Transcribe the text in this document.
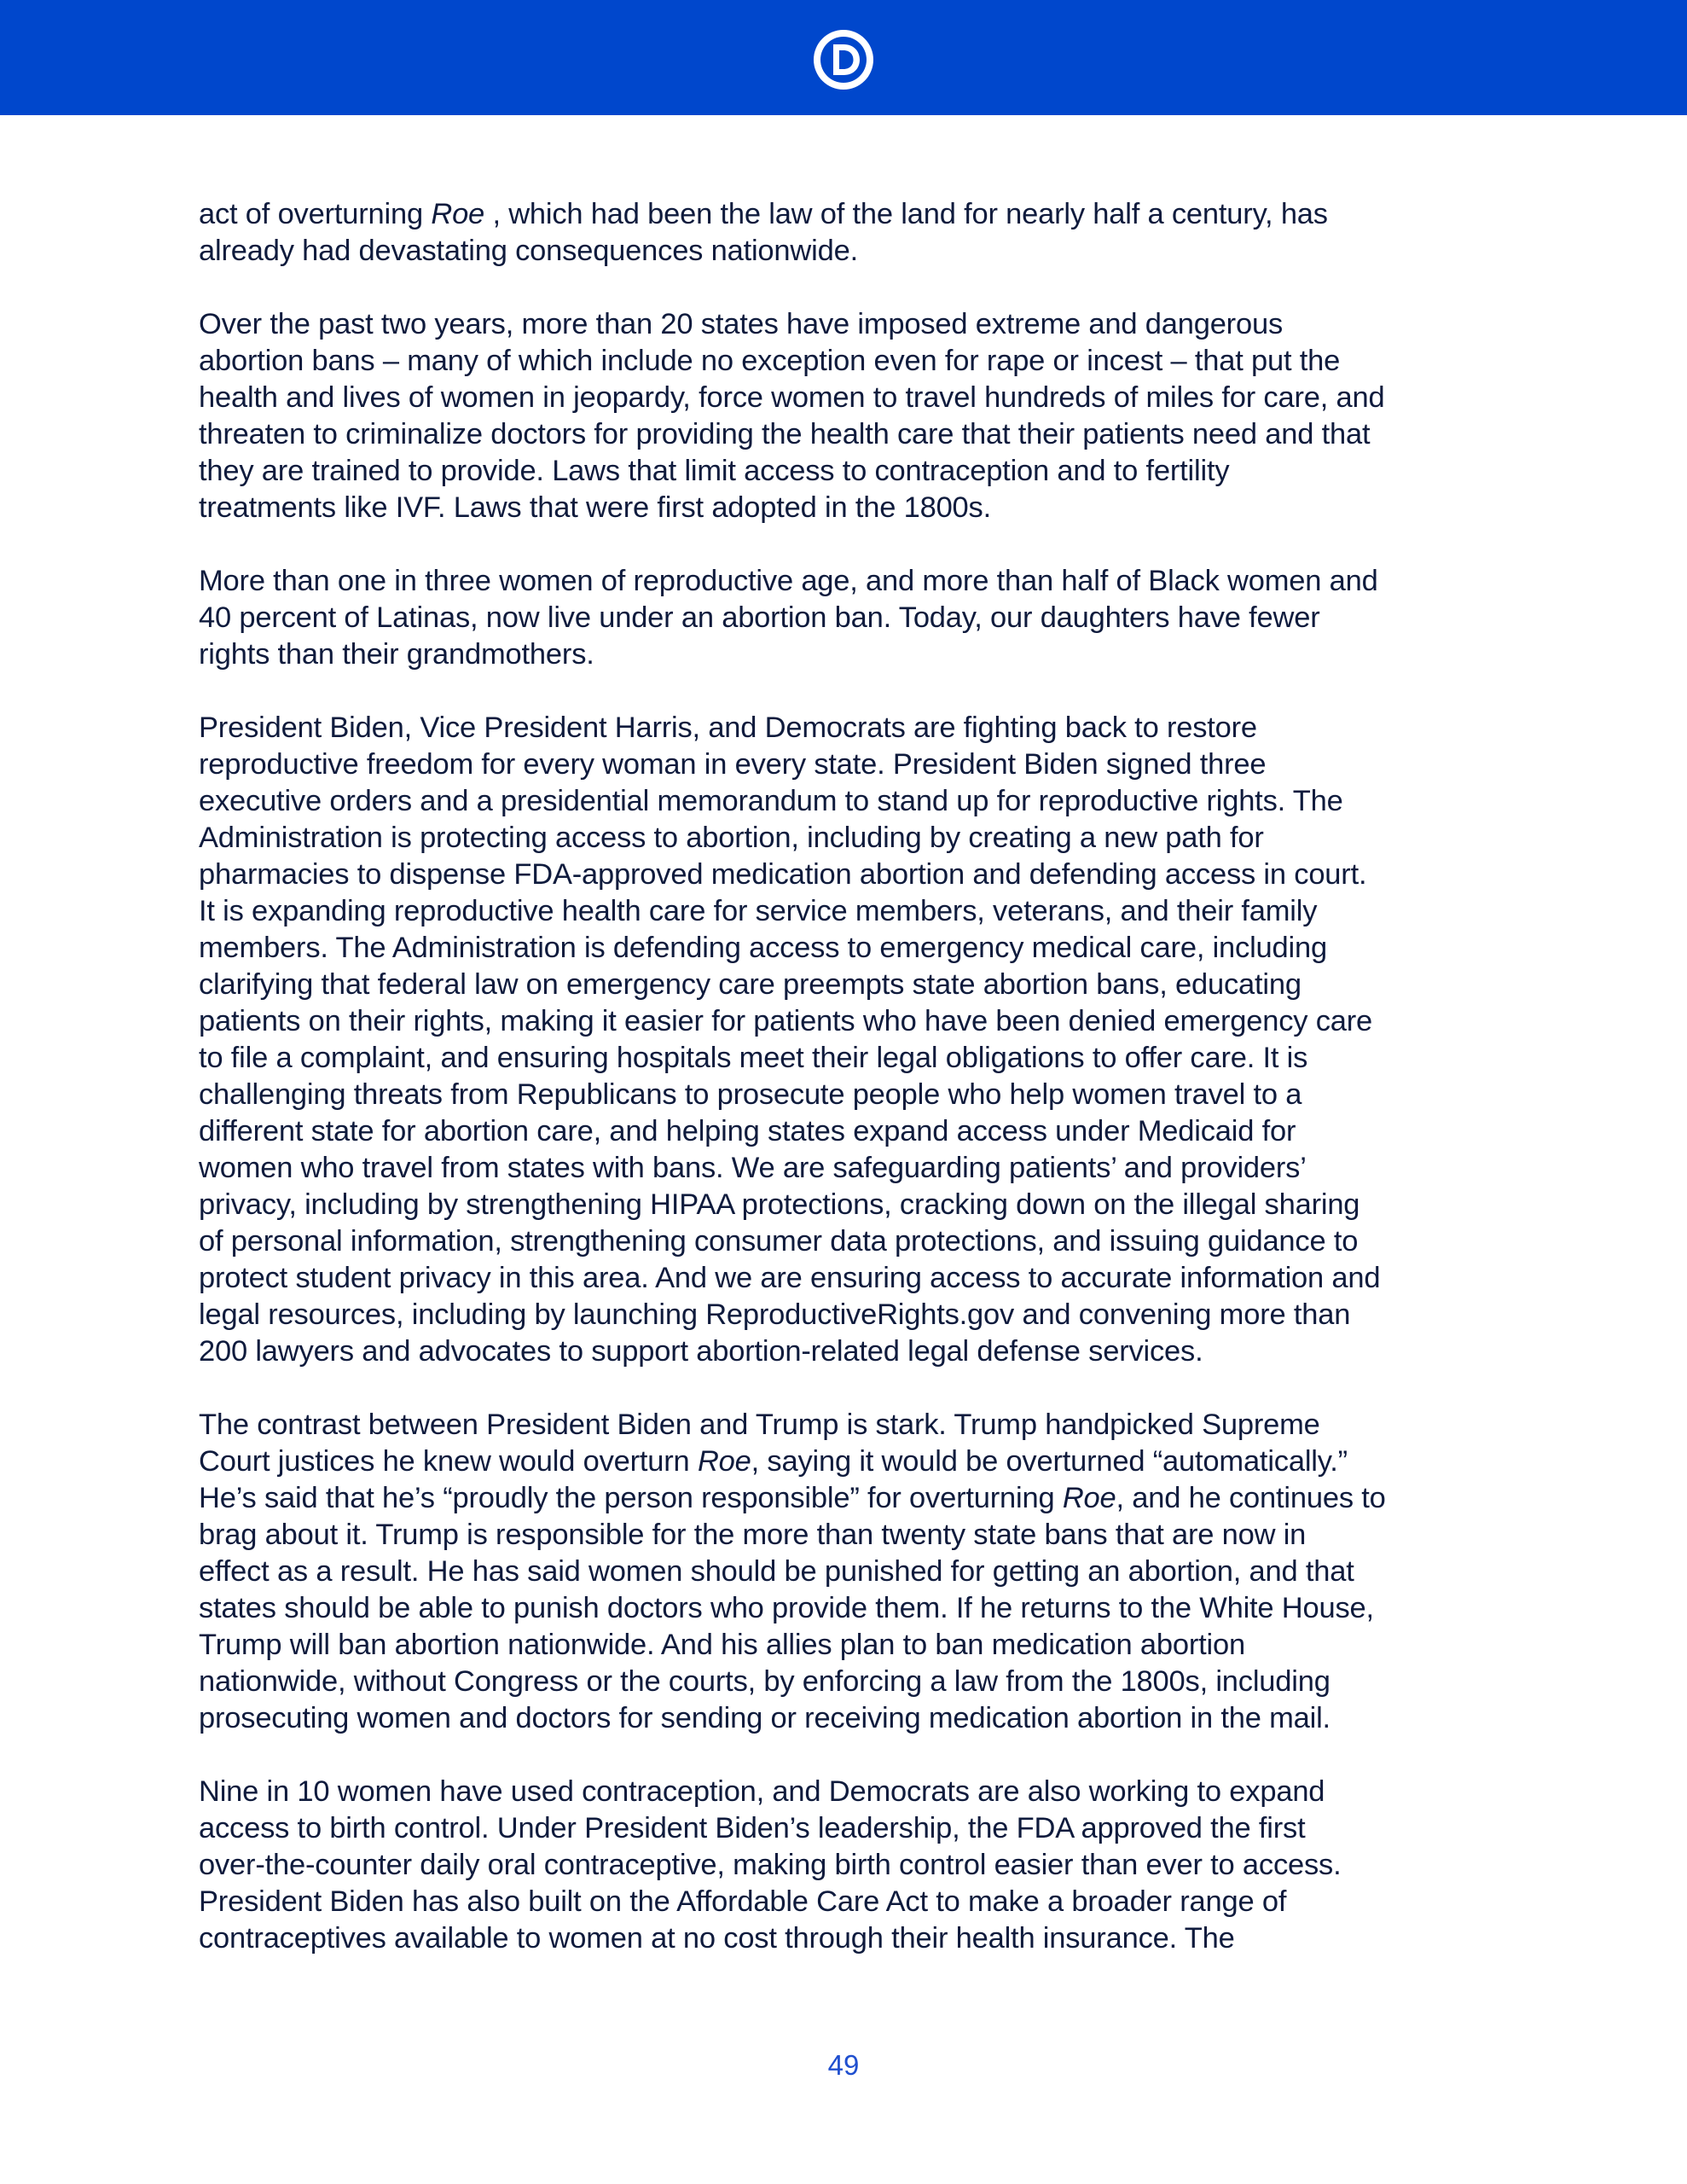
act of overturning Roe , which had been the law of the land for nearly half a century, has
already had devastating consequences nationwide.

Over the past two years, more than 20 states have imposed extreme and dangerous
abortion bans – many of which include no exception even for rape or incest – that put the
health and lives of women in jeopardy, force women to travel hundreds of miles for care, and
threaten to criminalize doctors for providing the health care that their patients need and that
they are trained to provide. Laws that limit access to contraception and to fertility
treatments like IVF. Laws that were first adopted in the 1800s.

More than one in three women of reproductive age, and more than half of Black women and
40 percent of Latinas, now live under an abortion ban. Today, our daughters have fewer
rights than their grandmothers.

President Biden, Vice President Harris, and Democrats are fighting back to restore
reproductive freedom for every woman in every state. President Biden signed three
executive orders and a presidential memorandum to stand up for reproductive rights. The
Administration is protecting access to abortion, including by creating a new path for
pharmacies to dispense FDA-approved medication abortion and defending access in court.
It is expanding reproductive health care for service members, veterans, and their family
members. The Administration is defending access to emergency medical care, including
clarifying that federal law on emergency care preempts state abortion bans, educating
patients on their rights, making it easier for patients who have been denied emergency care
to file a complaint, and ensuring hospitals meet their legal obligations to offer care. It is
challenging threats from Republicans to prosecute people who help women travel to a
different state for abortion care, and helping states expand access under Medicaid for
women who travel from states with bans. We are safeguarding patients’ and providers’
privacy, including by strengthening HIPAA protections, cracking down on the illegal sharing
of personal information, strengthening consumer data protections, and issuing guidance to
protect student privacy in this area. And we are ensuring access to accurate information and
legal resources, including by launching ReproductiveRights.gov and convening more than
200 lawyers and advocates to support abortion-related legal defense services.

The contrast between President Biden and Trump is stark. Trump handpicked Supreme
Court justices he knew would overturn Roe, saying it would be overturned “automatically.”
He’s said that he’s “proudly the person responsible” for overturning Roe, and he continues to
brag about it. Trump is responsible for the more than twenty state bans that are now in
effect as a result. He has said women should be punished for getting an abortion, and that
states should be able to punish doctors who provide them. If he returns to the White House,
Trump will ban abortion nationwide. And his allies plan to ban medication abortion
nationwide, without Congress or the courts, by enforcing a law from the 1800s, including
prosecuting women and doctors for sending or receiving medication abortion in the mail.

Nine in 10 women have used contraception, and Democrats are also working to expand
access to birth control. Under President Biden’s leadership, the FDA approved the first
over-the-counter daily oral contraceptive, making birth control easier than ever to access.
President Biden has also built on the Affordable Care Act to make a broader range of
contraceptives available to women at no cost through their health insurance. The

49
